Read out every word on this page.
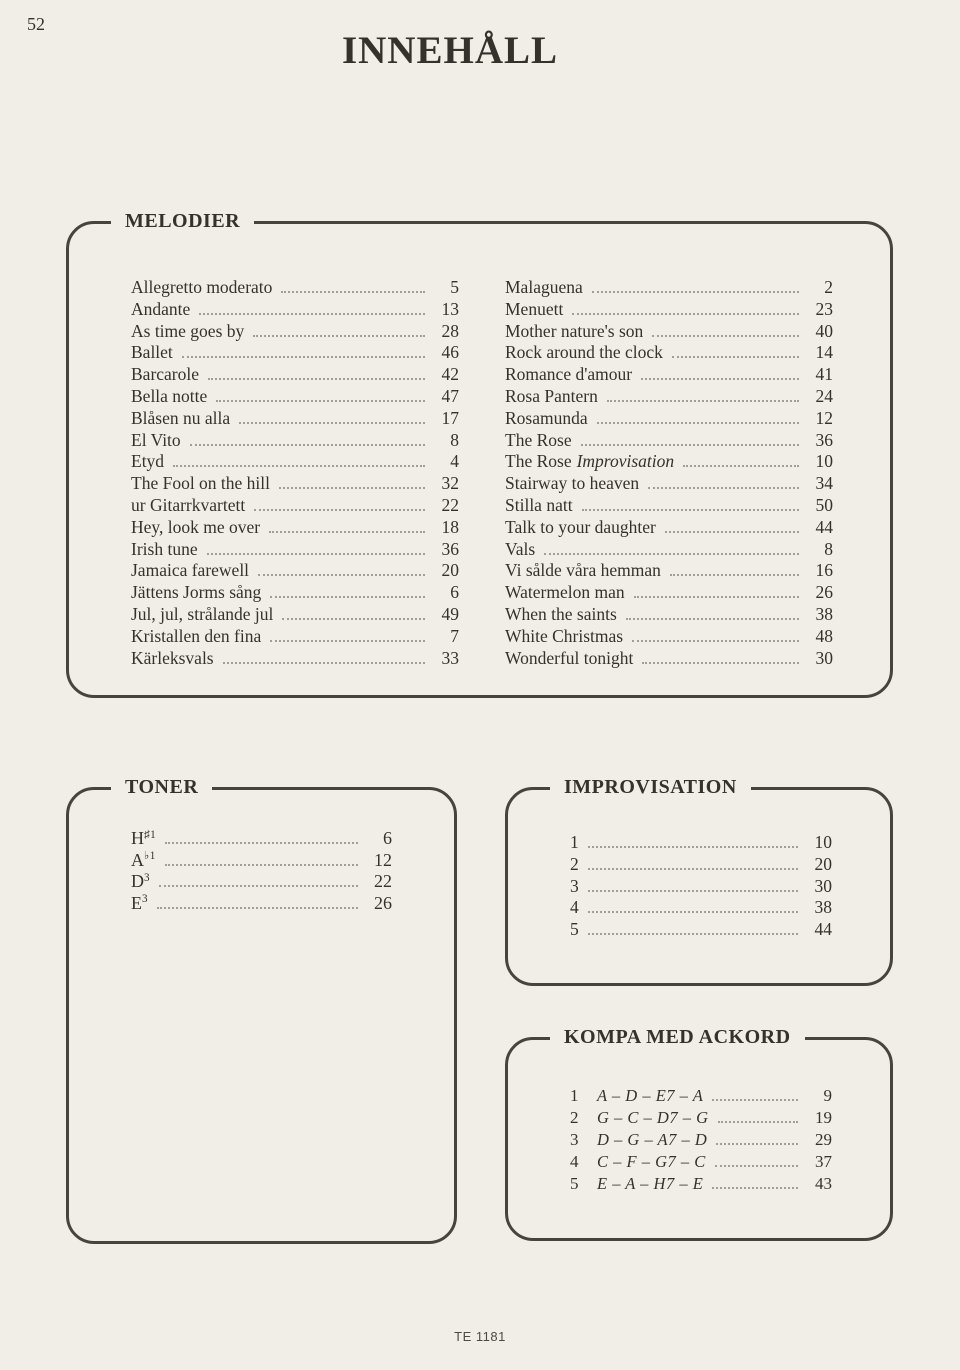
52
INNEHÅLL
MELODIER
Allegretto moderato	5
Andante	13
As time goes by	28
Ballet	46
Barcarole	42
Bella notte	47
Blåsen nu alla	17
El Vito	8
Etyd	4
The Fool on the hill	32
ur Gitarrkvartett	22
Hey, look me over	18
Irish tune	36
Jamaica farewell	20
Jättens Jorms sång	6
Jul, jul, strålande jul	49
Kristallen den fina	7
Kärleksvals	33
Malaguena	2
Menuett	23
Mother nature's son	40
Rock around the clock	14
Romance d'amour	41
Rosa Pantern	24
Rosamunda	12
The Rose	36
The Rose Improvisation	10
Stairway to heaven	34
Stilla natt	50
Talk to your daughter	44
Vals	8
Vi sålde våra hemman	16
Watermelon man	26
When the saints	38
White Christmas	48
Wonderful tonight	30
TONER
$H^{♯1}$	6
$A^{♭1}$	12
$D^3$	22
$E^3$	26
IMPROVISATION
1	10
2	20
3	30
4	38
5	44
KOMPA MED ACKORD
1	A – D – E7 – A	9
2	G – C – D7 – G	19
3	D – G – A7 – D	29
4	C – F – G7 – C	37
5	E – A – H7 – E	43
TE 1181
